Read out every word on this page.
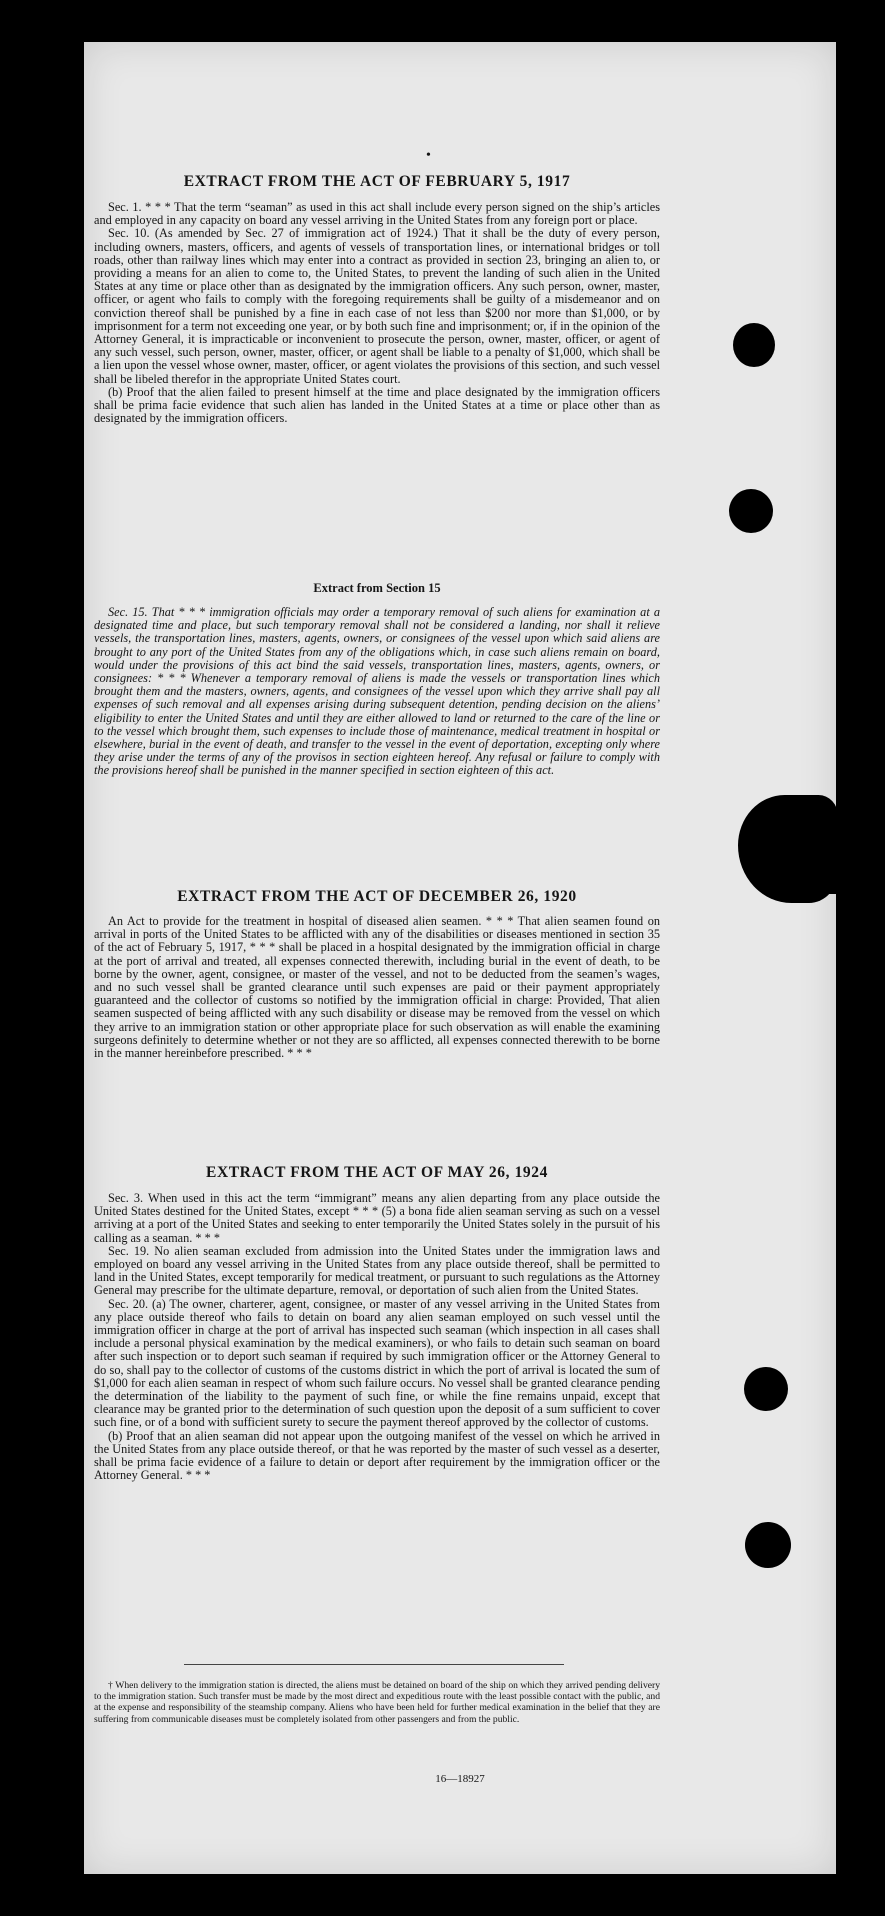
•
EXTRACT FROM THE ACT OF FEBRUARY 5, 1917

Sec. 1. * * * That the term “seaman” as used in this act shall include every person signed on the ship’s articles and employed in any capacity on board any vessel arriving in the United States from any foreign port or place.

Sec. 10. (As amended by Sec. 27 of immigration act of 1924.) That it shall be the duty of every person, including owners, masters, officers, and agents of vessels of transportation lines, or international bridges or toll roads, other than railway lines which may enter into a contract as provided in section 23, bringing an alien to, or providing a means for an alien to come to, the United States, to prevent the landing of such alien in the United States at any time or place other than as designated by the immigration officers. Any such person, owner, master, officer, or agent who fails to comply with the foregoing requirements shall be guilty of a misdemeanor and on conviction thereof shall be punished by a fine in each case of not less than $200 nor more than $1,000, or by imprisonment for a term not exceeding one year, or by both such fine and imprisonment; or, if in the opinion of the Attorney General, it is impracticable or inconvenient to prosecute the person, owner, master, officer, or agent of any such vessel, such person, owner, master, officer, or agent shall be liable to a penalty of $1,000, which shall be a lien upon the vessel whose owner, master, officer, or agent violates the provisions of this section, and such vessel shall be libeled therefor in the appropriate United States court.

(b) Proof that the alien failed to present himself at the time and place designated by the immigration officers shall be prima facie evidence that such alien has landed in the United States at a time or place other than as designated by the immigration officers.

Extract from Section 15

Sec. 15. That * * * immigration officials may order a temporary removal of such aliens for examination at a designated time and place, but such temporary removal shall not be considered a landing, nor shall it relieve vessels, the transportation lines, masters, agents, owners, or consignees of the vessel upon which said aliens are brought to any port of the United States from any of the obligations which, in case such aliens remain on board, would under the provisions of this act bind the said vessels, transportation lines, masters, agents, owners, or consignees: * * * Whenever a temporary removal of aliens is made the vessels or transportation lines which brought them and the masters, owners, agents, and consignees of the vessel upon which they arrive shall pay all expenses of such removal and all expenses arising during subsequent detention, pending decision on the aliens’ eligibility to enter the United States and until they are either allowed to land or returned to the care of the line or to the vessel which brought them, such expenses to include those of maintenance, medical treatment in hospital or elsewhere, burial in the event of death, and transfer to the vessel in the event of deportation, excepting only where they arise under the terms of any of the provisos in section eighteen hereof. Any refusal or failure to comply with the provisions hereof shall be punished in the manner specified in section eighteen of this act.

EXTRACT FROM THE ACT OF DECEMBER 26, 1920

An Act to provide for the treatment in hospital of diseased alien seamen. * * * That alien seamen found on arrival in ports of the United States to be afflicted with any of the disabilities or diseases mentioned in section 35 of the act of February 5, 1917, * * * shall be placed in a hospital designated by the immigration official in charge at the port of arrival and treated, all expenses connected therewith, including burial in the event of death, to be borne by the owner, agent, consignee, or master of the vessel, and not to be deducted from the seamen’s wages, and no such vessel shall be granted clearance until such expenses are paid or their payment appropriately guaranteed and the collector of customs so notified by the immigration official in charge: Provided, That alien seamen suspected of being afflicted with any such disability or disease may be removed from the vessel on which they arrive to an immigration station or other appropriate place for such observation as will enable the examining surgeons definitely to determine whether or not they are so afflicted, all expenses connected therewith to be borne in the manner hereinbefore prescribed. * * *

EXTRACT FROM THE ACT OF MAY 26, 1924

Sec. 3. When used in this act the term “immigrant” means any alien departing from any place outside the United States destined for the United States, except * * * (5) a bona fide alien seaman serving as such on a vessel arriving at a port of the United States and seeking to enter temporarily the United States solely in the pursuit of his calling as a seaman. * * *

Sec. 19. No alien seaman excluded from admission into the United States under the immigration laws and employed on board any vessel arriving in the United States from any place outside thereof, shall be permitted to land in the United States, except temporarily for medical treatment, or pursuant to such regulations as the Attorney General may prescribe for the ultimate departure, removal, or deportation of such alien from the United States.

Sec. 20. (a) The owner, charterer, agent, consignee, or master of any vessel arriving in the United States from any place outside thereof who fails to detain on board any alien seaman employed on such vessel until the immigration officer in charge at the port of arrival has inspected such seaman (which inspection in all cases shall include a personal physical examination by the medical examiners), or who fails to detain such seaman on board after such inspection or to deport such seaman if required by such immigration officer or the Attorney General to do so, shall pay to the collector of customs of the customs district in which the port of arrival is located the sum of $1,000 for each alien seaman in respect of whom such failure occurs. No vessel shall be granted clearance pending the determination of the liability to the payment of such fine, or while the fine remains unpaid, except that clearance may be granted prior to the determination of such question upon the deposit of a sum sufficient to cover such fine, or of a bond with sufficient surety to secure the payment thereof approved by the collector of customs.

(b) Proof that an alien seaman did not appear upon the outgoing manifest of the vessel on which he arrived in the United States from any place outside thereof, or that he was reported by the master of such vessel as a deserter, shall be prima facie evidence of a failure to detain or deport after requirement by the immigration officer or the Attorney General. * * *

† When delivery to the immigration station is directed, the aliens must be detained on board of the ship on which they arrived pending delivery to the immigration station. Such transfer must be made by the most direct and expeditious route with the least possible contact with the public, and at the expense and responsibility of the steamship company. Aliens who have been held for further medical examination in the belief that they are suffering from communicable diseases must be completely isolated from other passengers and from the public.

16—18927
